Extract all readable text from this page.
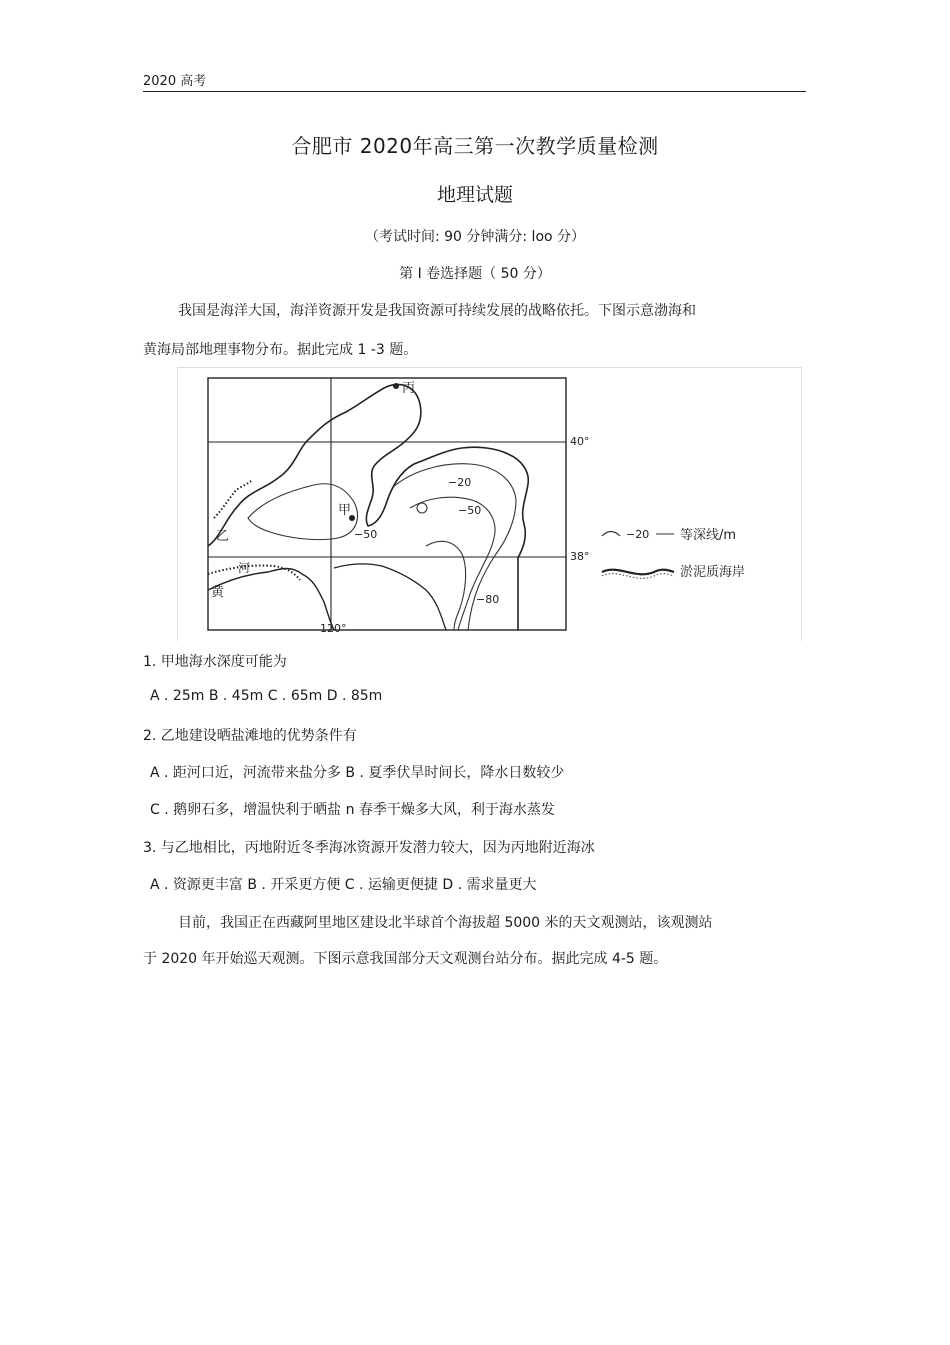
2020 高考
合肥市 2020年高三第一次教学质量检测
地理试题
（考试时间: 90 分钟满分: loo 分）
第 Ⅰ 卷选择题（ 50 分）
我国是海洋大国，海洋资源开发是我国资源可持续发展的战略依托。下图示意渤海和
黄海局部地理事物分布。据此完成 1 -3 题。
丙
甲
乙
黄
河
40°
38°
120°
−20
−50
−50
−80
−20 等深线/m
淤泥质海岸
1. 甲地海水深度可能为
A . 25m B . 45m C . 65m D . 85m
2. 乙地建设晒盐滩地的优势条件有
A . 距河口近，河流带来盐分多 B . 夏季伏旱时间长，降水日数较少
C . 鹅卵石多，增温快利于晒盐 n 春季干燥多大风，利于海水蒸发
3. 与乙地相比，丙地附近冬季海冰资源开发潜力较大，因为丙地附近海冰
A . 资源更丰富 B . 开采更方便 C . 运输更便捷 D . 需求量更大
目前，我国正在西藏阿里地区建设北半球首个海拔超 5000 米的天文观测站，该观测站
于 2020 年开始巡天观测。下图示意我国部分天文观测台站分布。据此完成 4-5 题。
